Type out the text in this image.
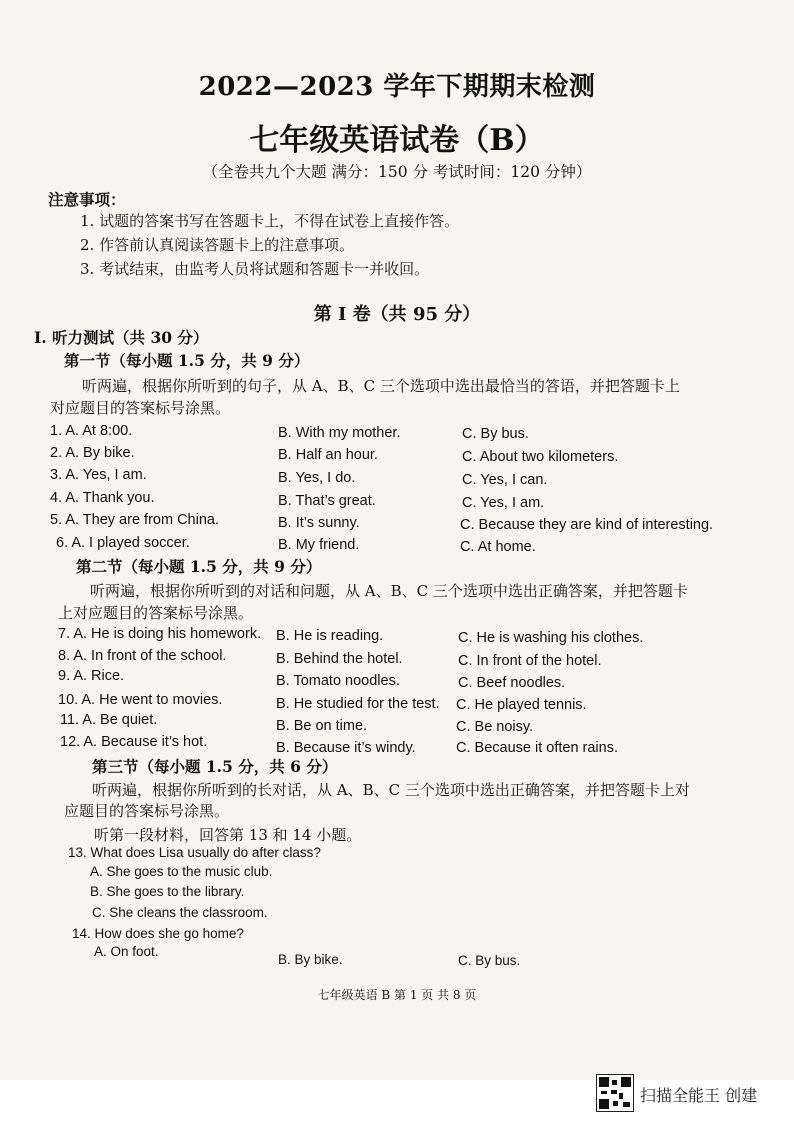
2022—2023 学年下期期末检测
七年级英语试卷（B）
（全卷共九个大题 满分：150 分 考试时间：120 分钟）
注意事项：
1. 试题的答案书写在答题卡上，不得在试卷上直接作答。
2. 作答前认真阅读答题卡上的注意事项。
3. 考试结束，由监考人员将试题和答题卡一并收回。
第 I 卷（共 95 分）
I. 听力测试（共 30 分）
第一节（每小题 1.5 分，共 9 分）
听两遍，根据你所听到的句子，从 A、B、C 三个选项中选出最恰当的答语，并把答题卡上
对应题目的答案标号涂黑。
1. A. At 8:00.	B. With my mother.	C. By bus.
2. A. By bike.	B. Half an hour.	C. About two kilometers.
3. A. Yes, I am.	B. Yes, I do.	C. Yes, I can.
4. A. Thank you.	B. That’s great.	C. Yes, I am.
5. A. They are from China.	B. It’s sunny.	C. Because they are kind of interesting.
6. A. I played soccer.	B. My friend.	C. At home.
第二节（每小题 1.5 分，共 9 分）
听两遍，根据你所听到的对话和问题，从 A、B、C 三个选项中选出正确答案，并把答题卡
上对应题目的答案标号涂黑。
7. A. He is doing his homework. B. He is reading.	C. He is washing his clothes.
8. A. In front of the school.	B. Behind the hotel.	C. In front of the hotel.
9. A. Rice.	B. Tomato noodles.	C. Beef noodles.
10. A. He went to movies.	B. He studied for the test. C. He played tennis.
11. A. Be quiet.	B. Be on time.	C. Be noisy.
12. A. Because it’s hot.	B. Because it’s windy.	C. Because it often rains.
第三节（每小题 1.5 分，共 6 分）
听两遍，根据你所听到的长对话，从 A、B、C 三个选项中选出正确答案，并把答题卡上对
应题目的答案标号涂黑。
听第一段材料，回答第 13 和 14 小题。
13. What does Lisa usually do after class?
A. She goes to the music club.
B. She goes to the library.
C. She cleans the classroom.
14. How does she go home?
A. On foot.
B. By bike.	C. By bus.
七年级英语 B 第 1 页 共 8 页
扫描全能王 创建
